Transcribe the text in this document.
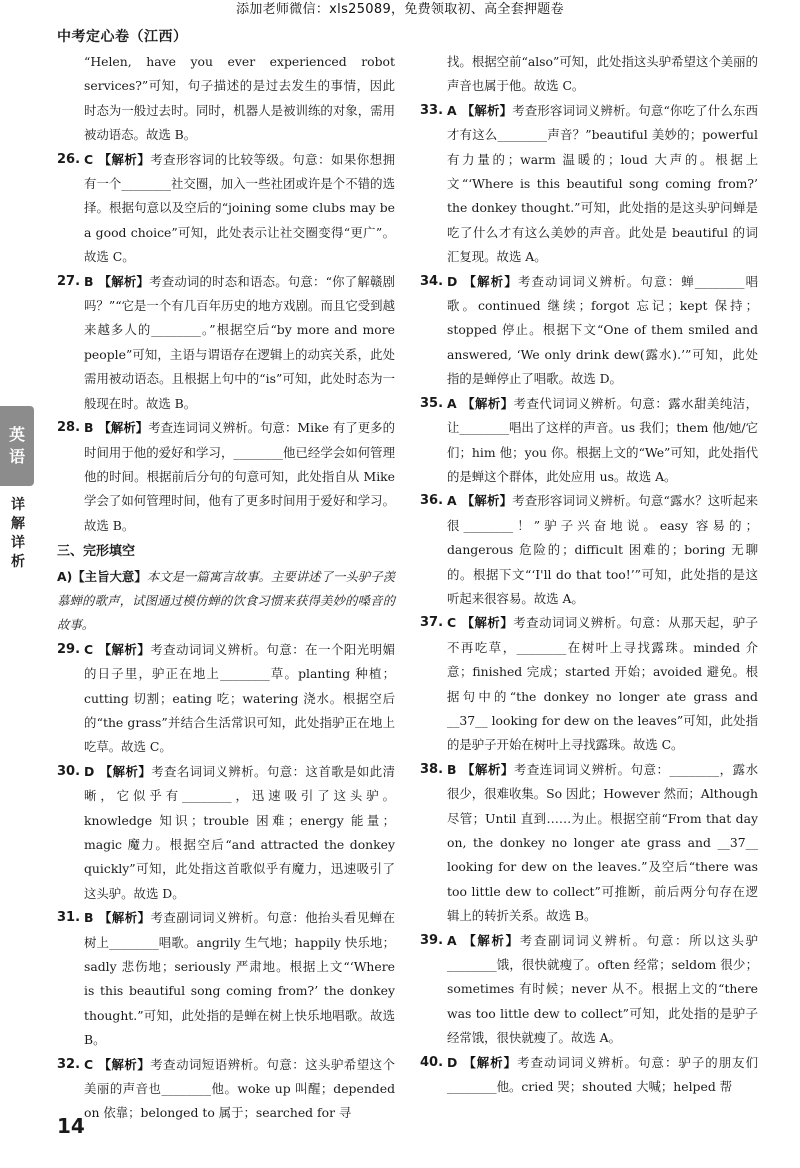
添加老师微信：xls25089，免费领取初、高全套押题卷
中考定心卷（江西）
英
语
详
解
详
析
“Helen, have you ever experienced robot services?”可知，句子描述的是过去发生的事情，因此时态为一般过去时。同时，机器人是被训练的对象，需用被动语态。故选 B。
26. C 【解析】考查形容词的比较等级。句意：如果你想拥有一个________社交圈，加入一些社团或许是个不错的选择。根据句意以及空后的“joining some clubs may be a good choice”可知，此处表示让社交圈变得“更广”。故选 C。
27. B 【解析】考查动词的时态和语态。句意：“你了解赣剧吗？”“它是一个有几百年历史的地方戏剧。而且它受到越来越多人的________。”根据空后“by more and more people”可知，主语与谓语存在逻辑上的动宾关系，此处需用被动语态。且根据上句中的“is”可知，此处时态为一般现在时。故选 B。
28. B 【解析】考查连词词义辨析。句意：Mike 有了更多的时间用于他的爱好和学习，________他已经学会如何管理他的时间。根据前后分句的句意可知，此处指自从 Mike 学会了如何管理时间，他有了更多时间用于爱好和学习。故选 B。
三、完形填空
A)【主旨大意】本文是一篇寓言故事。主要讲述了一头驴子羡慕蝉的歌声，试图通过模仿蝉的饮食习惯来获得美妙的嗓音的故事。
29. C 【解析】考查动词词义辨析。句意：在一个阳光明媚的日子里，驴正在地上________草。planting 种植；cutting 切割；eating 吃；watering 浇水。根据空后的“the grass”并结合生活常识可知，此处指驴正在地上吃草。故选 C。
30. D 【解析】考查名词词义辨析。句意：这首歌是如此清晰，它似乎有________，迅速吸引了这头驴。knowledge 知识；trouble 困难；energy 能量；magic 魔力。根据空后“and attracted the donkey quickly”可知，此处指这首歌似乎有魔力，迅速吸引了这头驴。故选 D。
31. B 【解析】考查副词词义辨析。句意：他抬头看见蝉在树上________唱歌。angrily 生气地；happily 快乐地；sadly 悲伤地；seriously 严肃地。根据上文“‘Where is this beautiful song coming from?’ the donkey thought.”可知，此处指的是蝉在树上快乐地唱歌。故选 B。
32. C 【解析】考查动词短语辨析。句意：这头驴希望这个美丽的声音也________他。woke up 叫醒；depended on 依靠；belonged to 属于；searched for 寻
找。根据空前“also”可知，此处指这头驴希望这个美丽的声音也属于他。故选 C。
33. A 【解析】考查形容词词义辨析。句意“你吃了什么东西才有这么________声音？”beautiful 美妙的；powerful 有力量的；warm 温暖的；loud 大声的。根据上文“‘Where is this beautiful song coming from?’ the donkey thought.”可知，此处指的是这头驴问蝉是吃了什么才有这么美妙的声音。此处是 beautiful 的词汇复现。故选 A。
34. D 【解析】考查动词词义辨析。句意：蝉________唱歌。continued 继续；forgot 忘记；kept 保持；stopped 停止。根据下文“One of them smiled and answered, ‘We only drink dew(露水).’”可知，此处指的是蝉停止了唱歌。故选 D。
35. A 【解析】考查代词词义辨析。句意：露水甜美纯洁，让________唱出了这样的声音。us 我们；them 他/她/它们；him 他；you 你。根据上文的“We”可知，此处指代的是蝉这个群体，此处应用 us。故选 A。
36. A 【解析】考查形容词词义辨析。句意“露水？这听起来很________！”驴子兴奋地说。easy 容易的；dangerous 危险的；difficult 困难的；boring 无聊的。根据下文“‘I'll do that too!’”可知，此处指的是这听起来很容易。故选 A。
37. C 【解析】考查动词词义辨析。句意：从那天起，驴子不再吃草，________在树叶上寻找露珠。minded 介意；finished 完成；started 开始；avoided 避免。根据句中的“the donkey no longer ate grass and __37__ looking for dew on the leaves”可知，此处指的是驴子开始在树叶上寻找露珠。故选 C。
38. B 【解析】考查连词词义辨析。句意：________，露水很少，很难收集。So 因此；However 然而；Although 尽管；Until 直到……为止。根据空前“From that day on, the donkey no longer ate grass and __37__ looking for dew on the leaves.”及空后“there was too little dew to collect”可推断，前后两分句存在逻辑上的转折关系。故选 B。
39. A 【解析】考查副词词义辨析。句意：所以这头驴________饿，很快就瘦了。often 经常；seldom 很少；sometimes 有时候；never 从不。根据上文的“there was too little dew to collect”可知，此处指的是驴子经常饿，很快就瘦了。故选 A。
40. D 【解析】考查动词词义辨析。句意：驴子的朋友们________他。cried 哭；shouted 大喊；helped 帮
14
